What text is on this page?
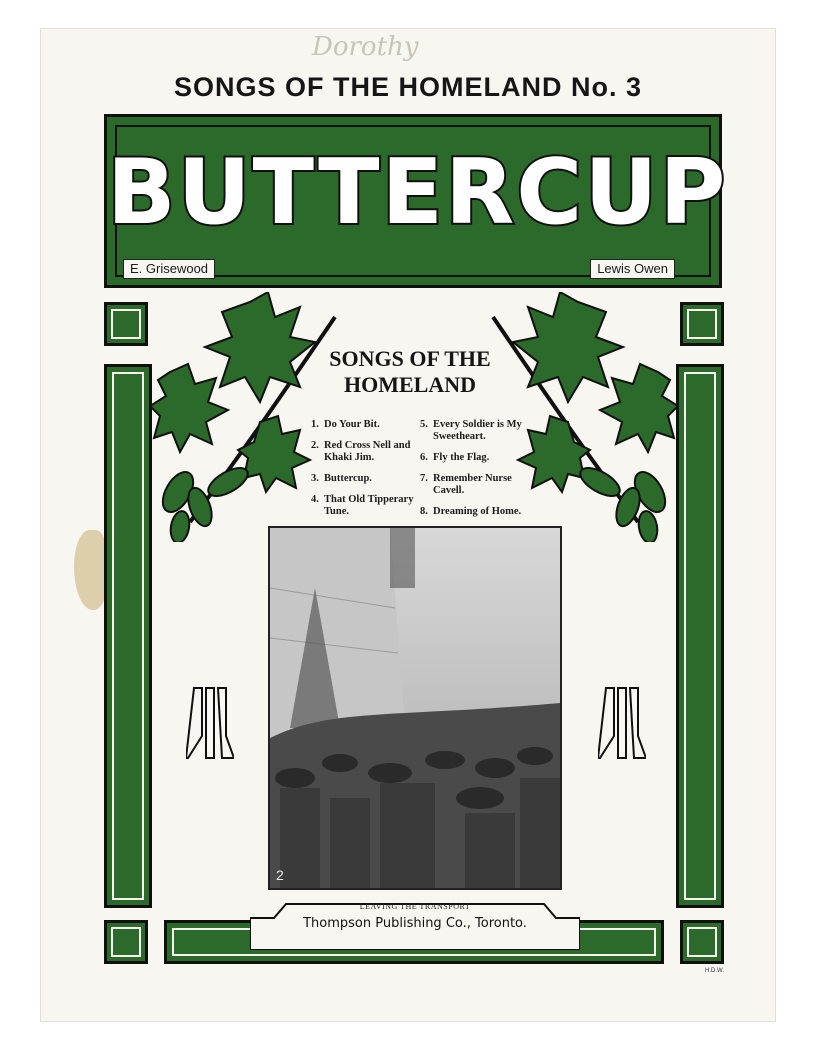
Dorothy
SONGS OF THE HOMELAND No. 3
BUTTERCUP
E. Grisewood	Lewis Owen
Thompson Publishing Co., Toronto.
H.D.W.
SONGS OF THE
HOMELAND
1. Do Your Bit.
2. Red Cross Nell and Khaki Jim.
3. Buttercup.
4. That Old Tipperary Tune.
5. Every Soldier is My Sweetheart.
6. Fly the Flag.
7. Remember Nurse Cavell.
8. Dreaming of Home.
2
LEAVING THE TRANSPORT
